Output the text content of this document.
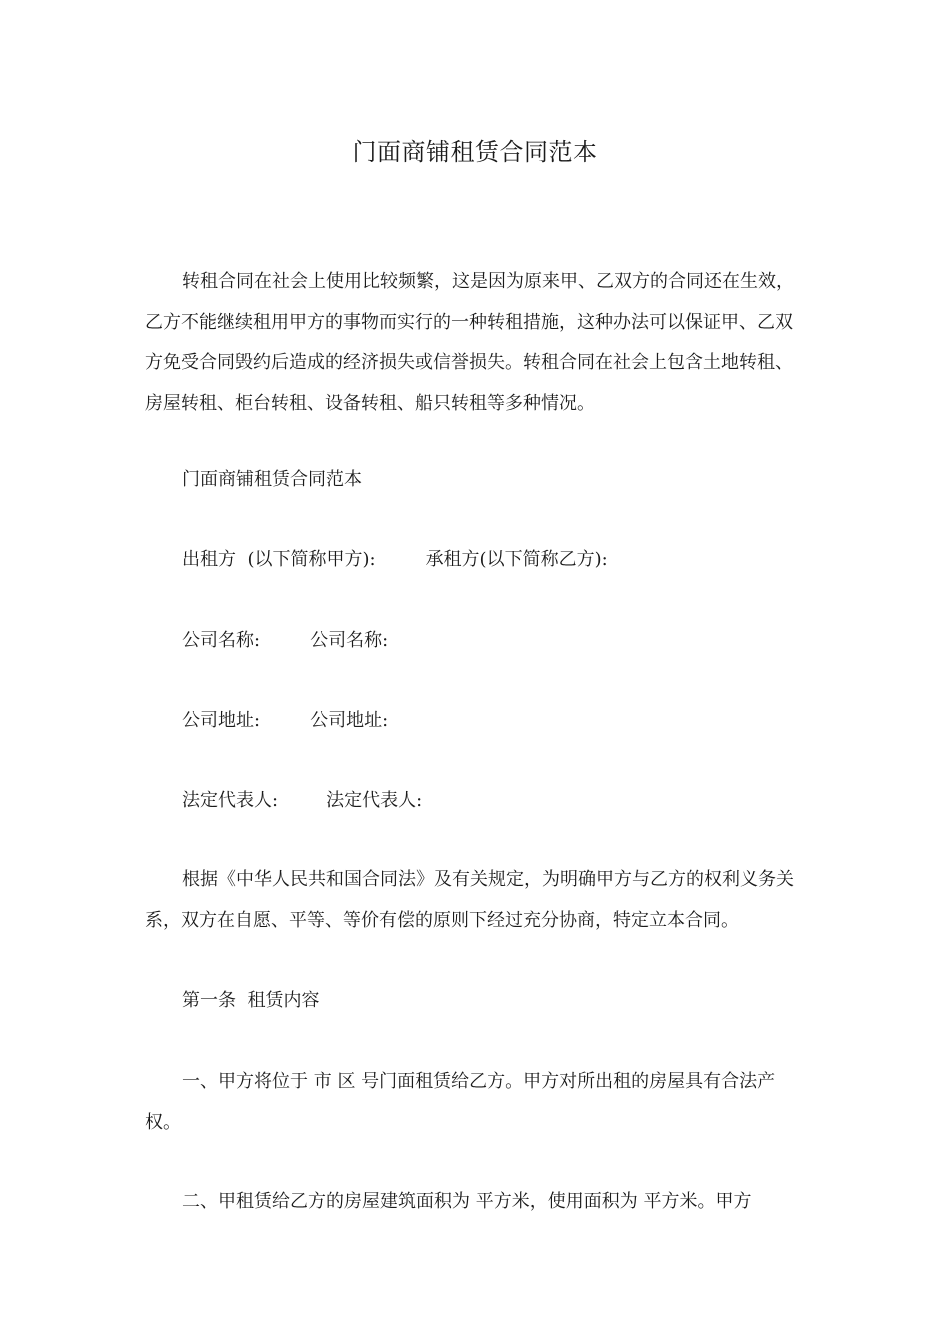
门面商铺租赁合同范本
转租合同在社会上使用比较频繁，这是因为原来甲、乙双方的合同还在生效，乙方不能继续租用甲方的事物而实行的一种转租措施，这种办法可以保证甲、乙双方免受合同毁约后造成的经济损失或信誉损失。转租合同在社会上包含土地转租、房屋转租、柜台转租、设备转租、船只转租等多种情况。
门面商铺租赁合同范本
出租方  (以下简称甲方):	承租方(以下简称乙方):
公司名称:	公司名称:
公司地址:	公司地址:
法定代表人:	法定代表人:
根据《中华人民共和国合同法》及有关规定，为明确甲方与乙方的权利义务关系，双方在自愿、平等、等价有偿的原则下经过充分协商，特定立本合同。
第一条  租赁内容
一、甲方将位于 市 区 号门面租赁给乙方。甲方对所出租的房屋具有合法产权。
二、甲租赁给乙方的房屋建筑面积为 平方米，使用面积为 平方米。甲方
